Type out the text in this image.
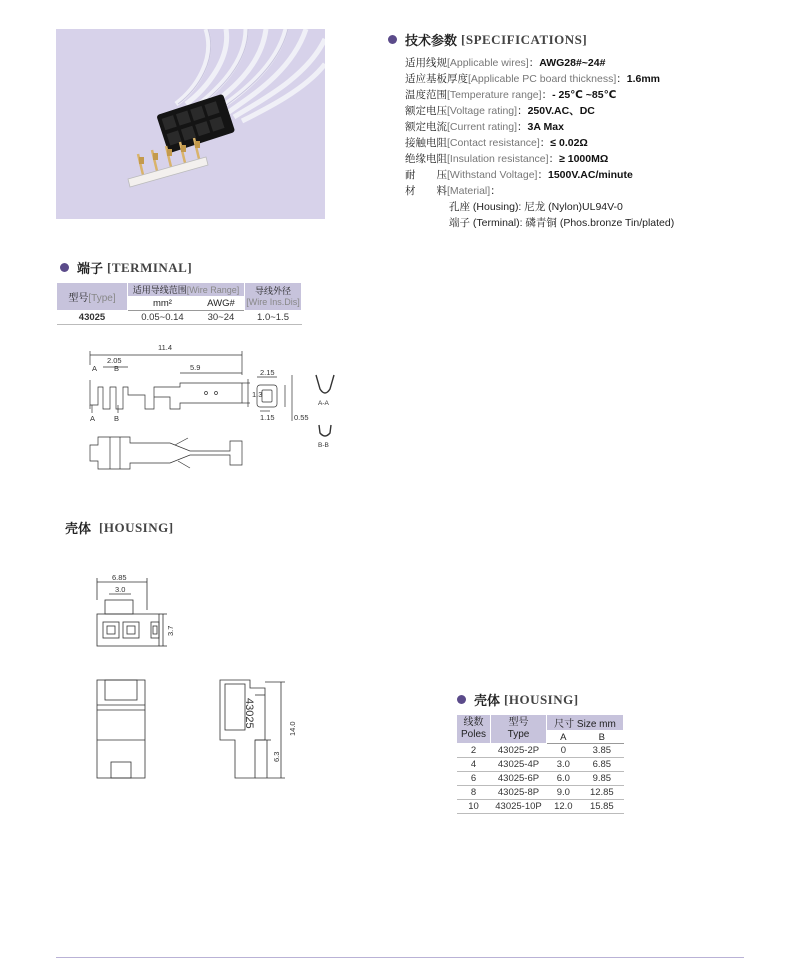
技术参数 [SPECIFICATIONS]
适用线规[Applicable wires]：AWG28#~24#
适应基板厚度[Applicable PC board thickness]：1.6mm
温度范围[Temperature range]：- 25℃ ~85℃
额定电压[Voltage rating]：250V.AC、DC
额定电流[Current rating]：3A Max
接触电阻[Contact resistance]：≤ 0.02Ω
绝缘电阻[Insulation resistance]：≥ 1000MΩ
耐　　压[Withstand Voltage]：1500V.AC/minute
材　　料[Material]：
孔座 (Housing): 尼龙 (Nylon)UL94V-0
端子 (Terminal): 磷青铜 (Phos.bronze Tin/plated)
端子 [TERMINAL]
型号[Type]	适用导线范围[Wire Range]		导线外径
[Wire Ins.Dis]
	mm²	AWG#	
43025	0.05~0.14	30~24	1.0~1.5
11.4
2.05
5.9
1.3
2.15
1.15	0.55
A B
A	B
A-A
B-B
壳体 [HOUSING]
6.85
3.0
3.7
14.0
6.3
43025	壳体 [HOUSING]
线数
Poles	型号
Type	尺寸 Size mm	
		A	B
2	43025-2P	0	3.85
4	43025-4P	3.0	6.85
6	43025-6P	6.0	9.85
8	43025-8P	9.0	12.85
10	43025-10P	12.0	15.85
